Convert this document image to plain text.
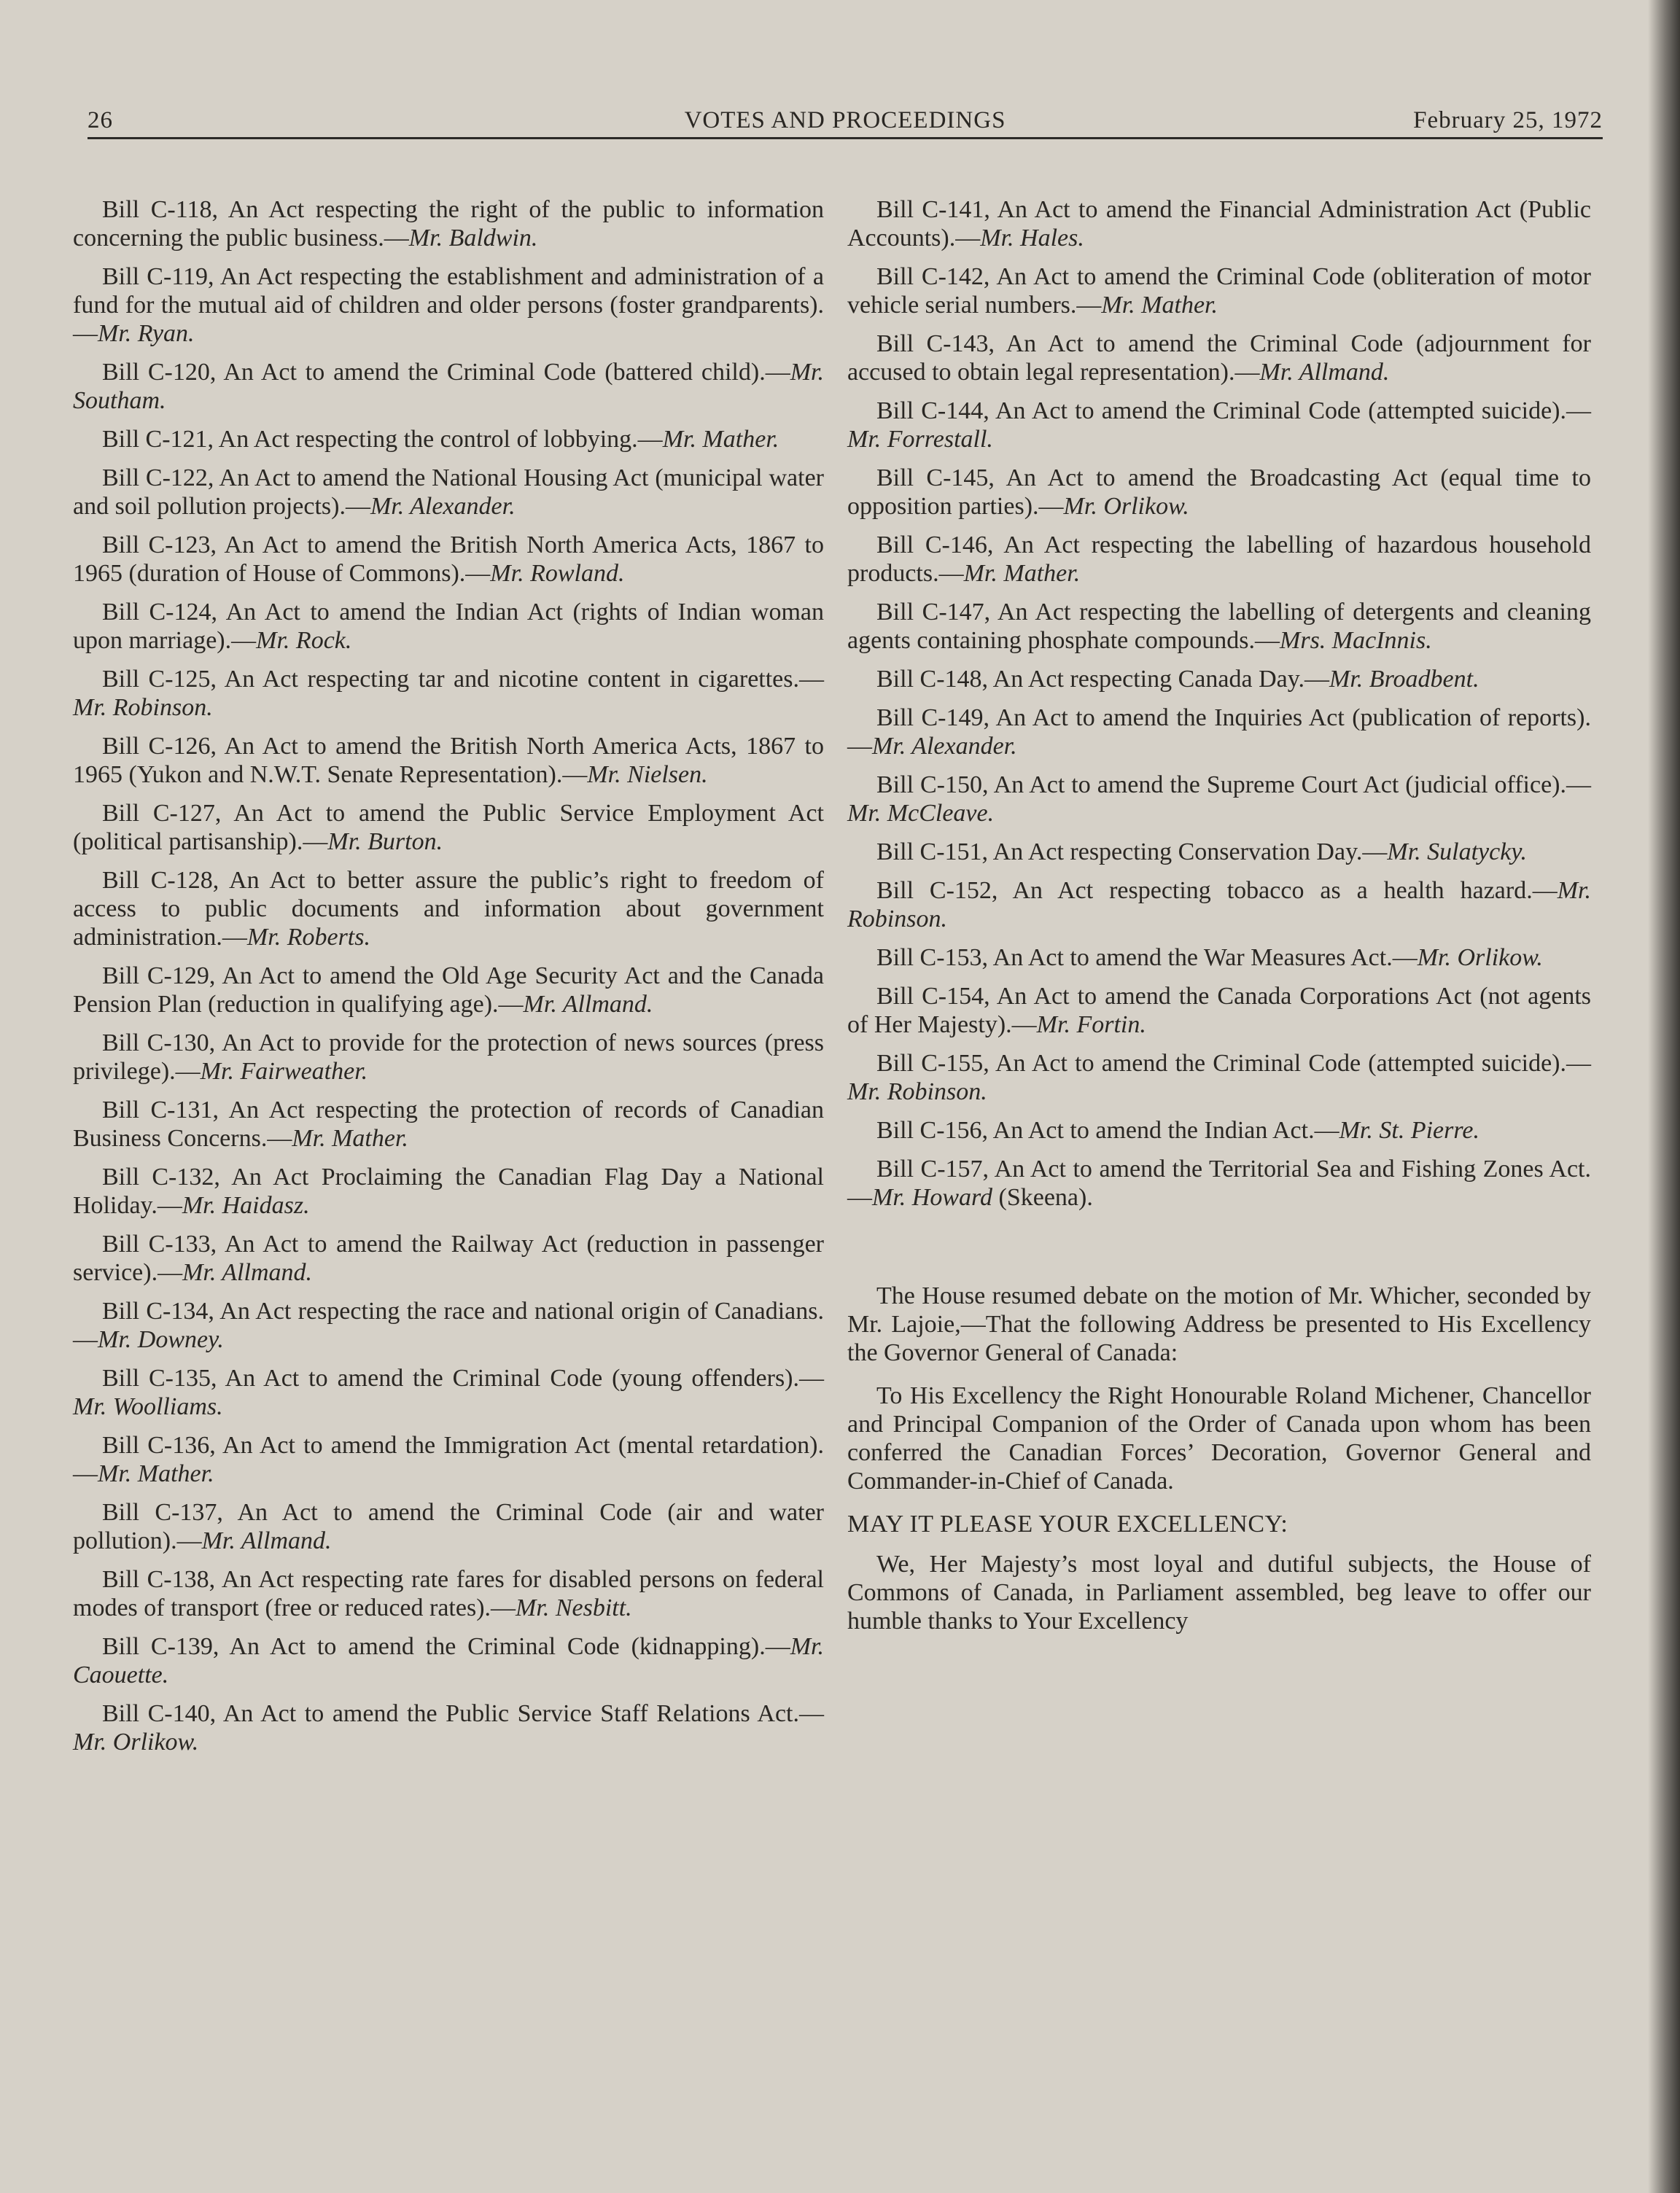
26	VOTES AND PROCEEDINGS	February 25, 1972

Bill C-118, An Act respecting the right of the public to information concerning the public business.—Mr. Baldwin.

Bill C-119, An Act respecting the establishment and administration of a fund for the mutual aid of children and older persons (foster grandparents).—Mr. Ryan.

Bill C-120, An Act to amend the Criminal Code (battered child).—Mr. Southam.

Bill C-121, An Act respecting the control of lobbying.—Mr. Mather.

Bill C-122, An Act to amend the National Housing Act (municipal water and soil pollution projects).—Mr. Alexander.

Bill C-123, An Act to amend the British North America Acts, 1867 to 1965 (duration of House of Commons).—Mr. Rowland.

Bill C-124, An Act to amend the Indian Act (rights of Indian woman upon marriage).—Mr. Rock.

Bill C-125, An Act respecting tar and nicotine content in cigarettes.—Mr. Robinson.

Bill C-126, An Act to amend the British North America Acts, 1867 to 1965 (Yukon and N.W.T. Senate Representation).—Mr. Nielsen.

Bill C-127, An Act to amend the Public Service Employment Act (political partisanship).—Mr. Burton.

Bill C-128, An Act to better assure the public’s right to freedom of access to public documents and information about government administration.—Mr. Roberts.

Bill C-129, An Act to amend the Old Age Security Act and the Canada Pension Plan (reduction in qualifying age).—Mr. Allmand.

Bill C-130, An Act to provide for the protection of news sources (press privilege).—Mr. Fairweather.

Bill C-131, An Act respecting the protection of records of Canadian Business Concerns.—Mr. Mather.

Bill C-132, An Act Proclaiming the Canadian Flag Day a National Holiday.—Mr. Haidasz.

Bill C-133, An Act to amend the Railway Act (reduction in passenger service).—Mr. Allmand.

Bill C-134, An Act respecting the race and national origin of Canadians.—Mr. Downey.

Bill C-135, An Act to amend the Criminal Code (young offenders).—Mr. Woolliams.

Bill C-136, An Act to amend the Immigration Act (mental retardation).—Mr. Mather.

Bill C-137, An Act to amend the Criminal Code (air and water pollution).—Mr. Allmand.

Bill C-138, An Act respecting rate fares for disabled persons on federal modes of transport (free or reduced rates).—Mr. Nesbitt.

Bill C-139, An Act to amend the Criminal Code (kidnapping).—Mr. Caouette.

Bill C-140, An Act to amend the Public Service Staff Relations Act.—Mr. Orlikow.

Bill C-141, An Act to amend the Financial Administration Act (Public Accounts).—Mr. Hales.

Bill C-142, An Act to amend the Criminal Code (obliteration of motor vehicle serial numbers.—Mr. Mather.

Bill C-143, An Act to amend the Criminal Code (adjournment for accused to obtain legal representation).—Mr. Allmand.

Bill C-144, An Act to amend the Criminal Code (attempted suicide).—Mr. Forrestall.

Bill C-145, An Act to amend the Broadcasting Act (equal time to opposition parties).—Mr. Orlikow.

Bill C-146, An Act respecting the labelling of hazardous household products.—Mr. Mather.

Bill C-147, An Act respecting the labelling of detergents and cleaning agents containing phosphate compounds.—Mrs. MacInnis.

Bill C-148, An Act respecting Canada Day.—Mr. Broadbent.

Bill C-149, An Act to amend the Inquiries Act (publication of reports).—Mr. Alexander.

Bill C-150, An Act to amend the Supreme Court Act (judicial office).—Mr. McCleave.

Bill C-151, An Act respecting Conservation Day.—Mr. Sulatycky.

Bill C-152, An Act respecting tobacco as a health hazard.—Mr. Robinson.

Bill C-153, An Act to amend the War Measures Act.—Mr. Orlikow.

Bill C-154, An Act to amend the Canada Corporations Act (not agents of Her Majesty).—Mr. Fortin.

Bill C-155, An Act to amend the Criminal Code (attempted suicide).—Mr. Robinson.

Bill C-156, An Act to amend the Indian Act.—Mr. St. Pierre.

Bill C-157, An Act to amend the Territorial Sea and Fishing Zones Act.—Mr. Howard (Skeena).

The House resumed debate on the motion of Mr. Whicher, seconded by Mr. Lajoie,—That the following Address be presented to His Excellency the Governor General of Canada:

To His Excellency the Right Honourable Roland Michener, Chancellor and Principal Companion of the Order of Canada upon whom has been conferred the Canadian Forces’ Decoration, Governor General and Commander-in-Chief of Canada.

MAY IT PLEASE YOUR EXCELLENCY:

We, Her Majesty’s most loyal and dutiful subjects, the House of Commons of Canada, in Parliament assembled, beg leave to offer our humble thanks to Your Excellency
